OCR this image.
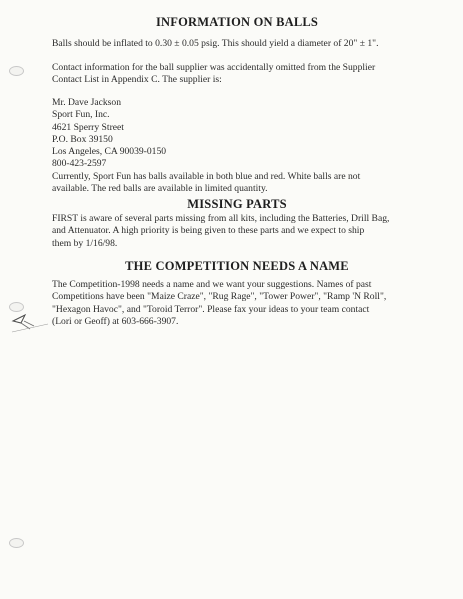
INFORMATION ON BALLS

Balls should be inflated to 0.30 ± 0.05 psig. This should yield a diameter of 20" ± 1".

Contact information for the ball supplier was accidentally omitted from the Supplier
Contact List in Appendix C. The supplier is:

Mr. Dave Jackson
Sport Fun, Inc.
4621 Sperry Street
P.O. Box 39150
Los Angeles, CA 90039-0150
800-423-2597

Currently, Sport Fun has balls available in both blue and red. White balls are not
available. The red balls are available in limited quantity.

MISSING PARTS

FIRST is aware of several parts missing from all kits, including the Batteries, Drill Bag,
and Attenuator. A high priority is being given to these parts and we expect to ship
them by 1/16/98.

THE COMPETITION NEEDS A NAME

The Competition-1998 needs a name and we want your suggestions. Names of past
Competitions have been "Maize Craze", "Rug Rage", "Tower Power", "Ramp 'N Roll",
"Hexagon Havoc", and "Toroid Terror". Please fax your ideas to your team contact
(Lori or Geoff) at 603-666-3907.
